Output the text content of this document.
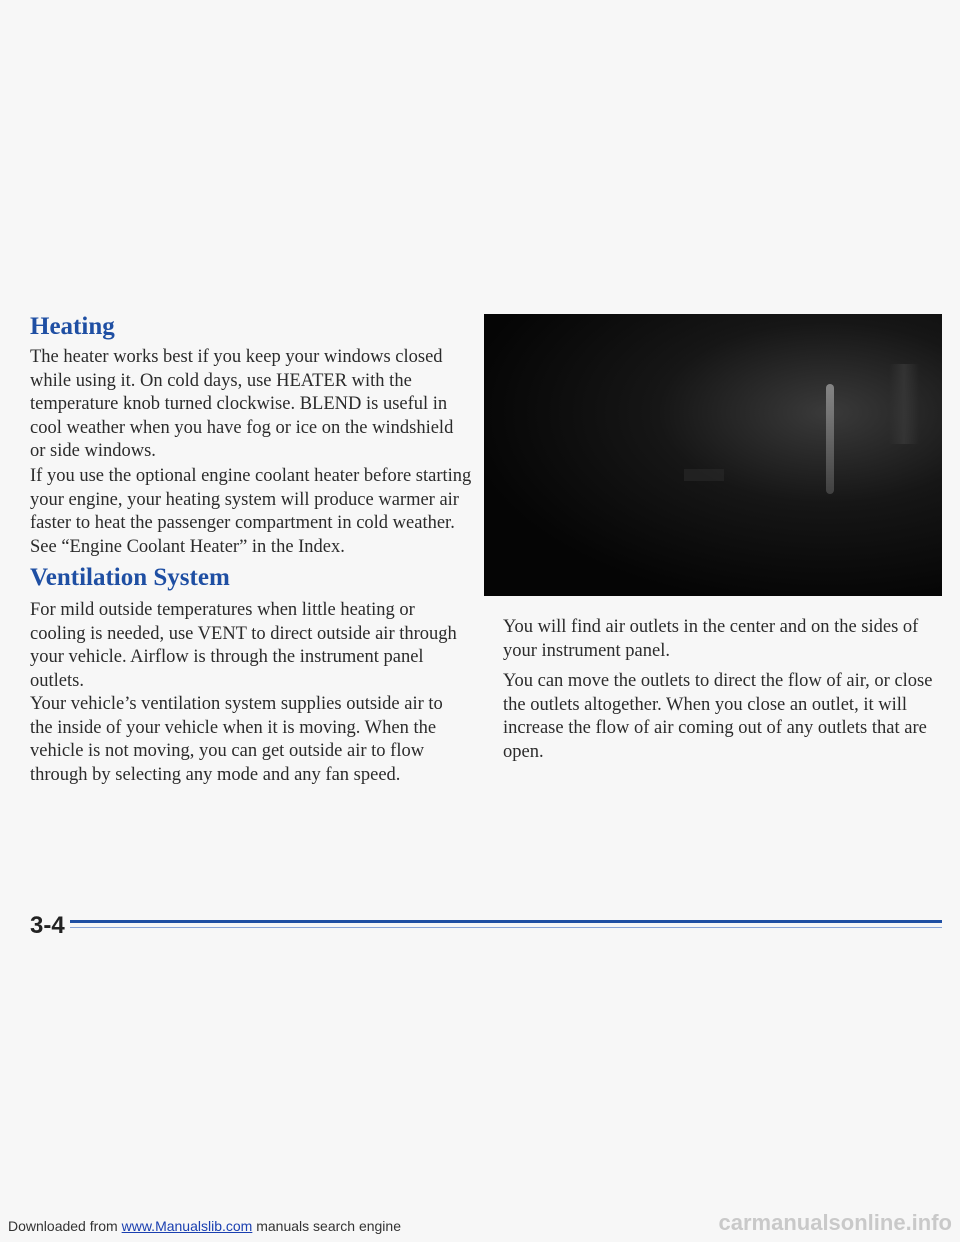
Heating

The heater works best if you keep your windows closed while using it. On cold days, use HEATER with the temperature knob turned clockwise. BLEND is useful in cool weather when you have fog or ice on the windshield or side windows.

If you use the optional engine coolant heater before starting your engine, your heating system will produce warmer air faster to heat the passenger compartment in cold weather. See “Engine Coolant Heater” in the Index.

Ventilation System

For mild outside temperatures when little heating or cooling is needed, use VENT to direct outside air through your vehicle. Airflow is through the instrument panel outlets.

Your vehicle’s ventilation system supplies outside air to the inside of your vehicle when it is moving. When the vehicle is not moving, you can get outside air to flow through by selecting any mode and any fan speed.

You will find air outlets in the center and on the sides of your instrument panel.

You can move the outlets to direct the flow of air, or close the outlets altogether. When you close an outlet, it will increase the flow of air coming out of any outlets that are open.

3-4

Downloaded from www.Manualslib.com manuals search engine	carmanualsonline.info
